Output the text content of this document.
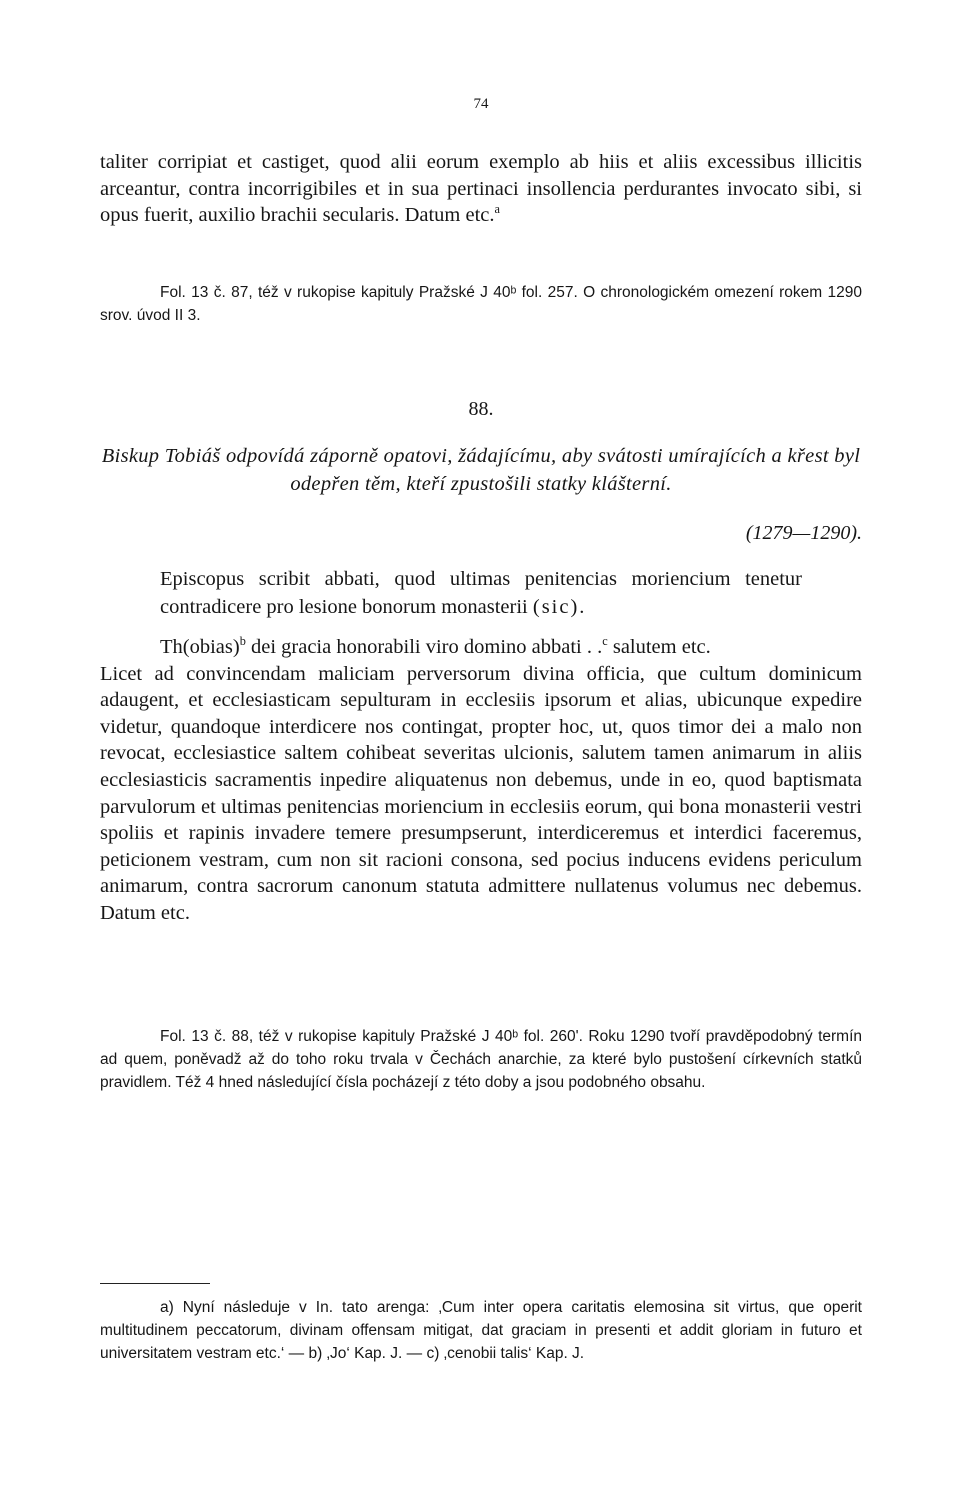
74

taliter corripiat et castiget, quod alii eorum exemplo ab hiis et aliis excessibus illicitis arceantur, contra incorrigibiles et in sua pertinaci insollencia perdurantes invocato sibi, si opus fuerit, auxilio brachii secularis. Datum etc.$^a$

Fol. 13 č. 87, též v rukopise kapituly Pražské J 40ᵇ fol. 257. O chronologickém omezení rokem 1290 srov. úvod II 3.

88.
Biskup Tobiáš odpovídá záporně opatovi, žádajícímu, aby svátosti umírajících a křest byl odepřen těm, kteří zpustošili statky klášterní.
(1279—1290).

Episcopus scribit abbati, quod ultimas penitencias moriencium tenetur contradicere pro lesione bonorum monasterii (sic).

Th(obias)$^b$ dei gracia honorabili viro domino abbati . .$^c$ salutem etc.

Licet ad convincendam maliciam perversorum divina officia, que cultum dominicum adaugent, et ecclesiasticam sepulturam in ecclesiis ipsorum et alias, ubicunque expedire videtur, quandoque interdicere nos contingat, propter hoc, ut, quos timor dei a malo non revocat, ecclesiastice saltem cohibeat severitas ulcionis, salutem tamen animarum in aliis ecclesiasticis sacramentis inpedire aliquatenus non debemus, unde in eo, quod baptismata parvulorum et ultimas penitencias moriencium in ecclesiis eorum, qui bona monasterii vestri spoliis et rapinis invadere temere presumpserunt, interdiceremus et interdici faceremus, peticionem vestram, cum non sit racioni consona, sed pocius inducens evidens periculum animarum, contra sacrorum canonum statuta admittere nullatenus volumus nec debemus. Datum etc.

Fol. 13 č. 88, též v rukopise kapituly Pražské J 40ᵇ fol. 260'. Roku 1290 tvoří pravděpodobný termín ad quem, poněvadž až do toho roku trvala v Čechách anarchie, za které bylo pustošení církevních statků pravidlem. Též 4 hned následující čísla pocházejí z této doby a jsou podobného obsahu.

a) Nyní následuje v In. tato arenga: ‚Cum inter opera caritatis elemosina sit virtus, que operit multitudinem peccatorum, divinam offensam mitigat, dat graciam in presenti et addit gloriam in futuro et universitatem vestram etc.‘ — b) ‚Jo‘ Kap. J. — c) ‚cenobii talis‘ Kap. J.
